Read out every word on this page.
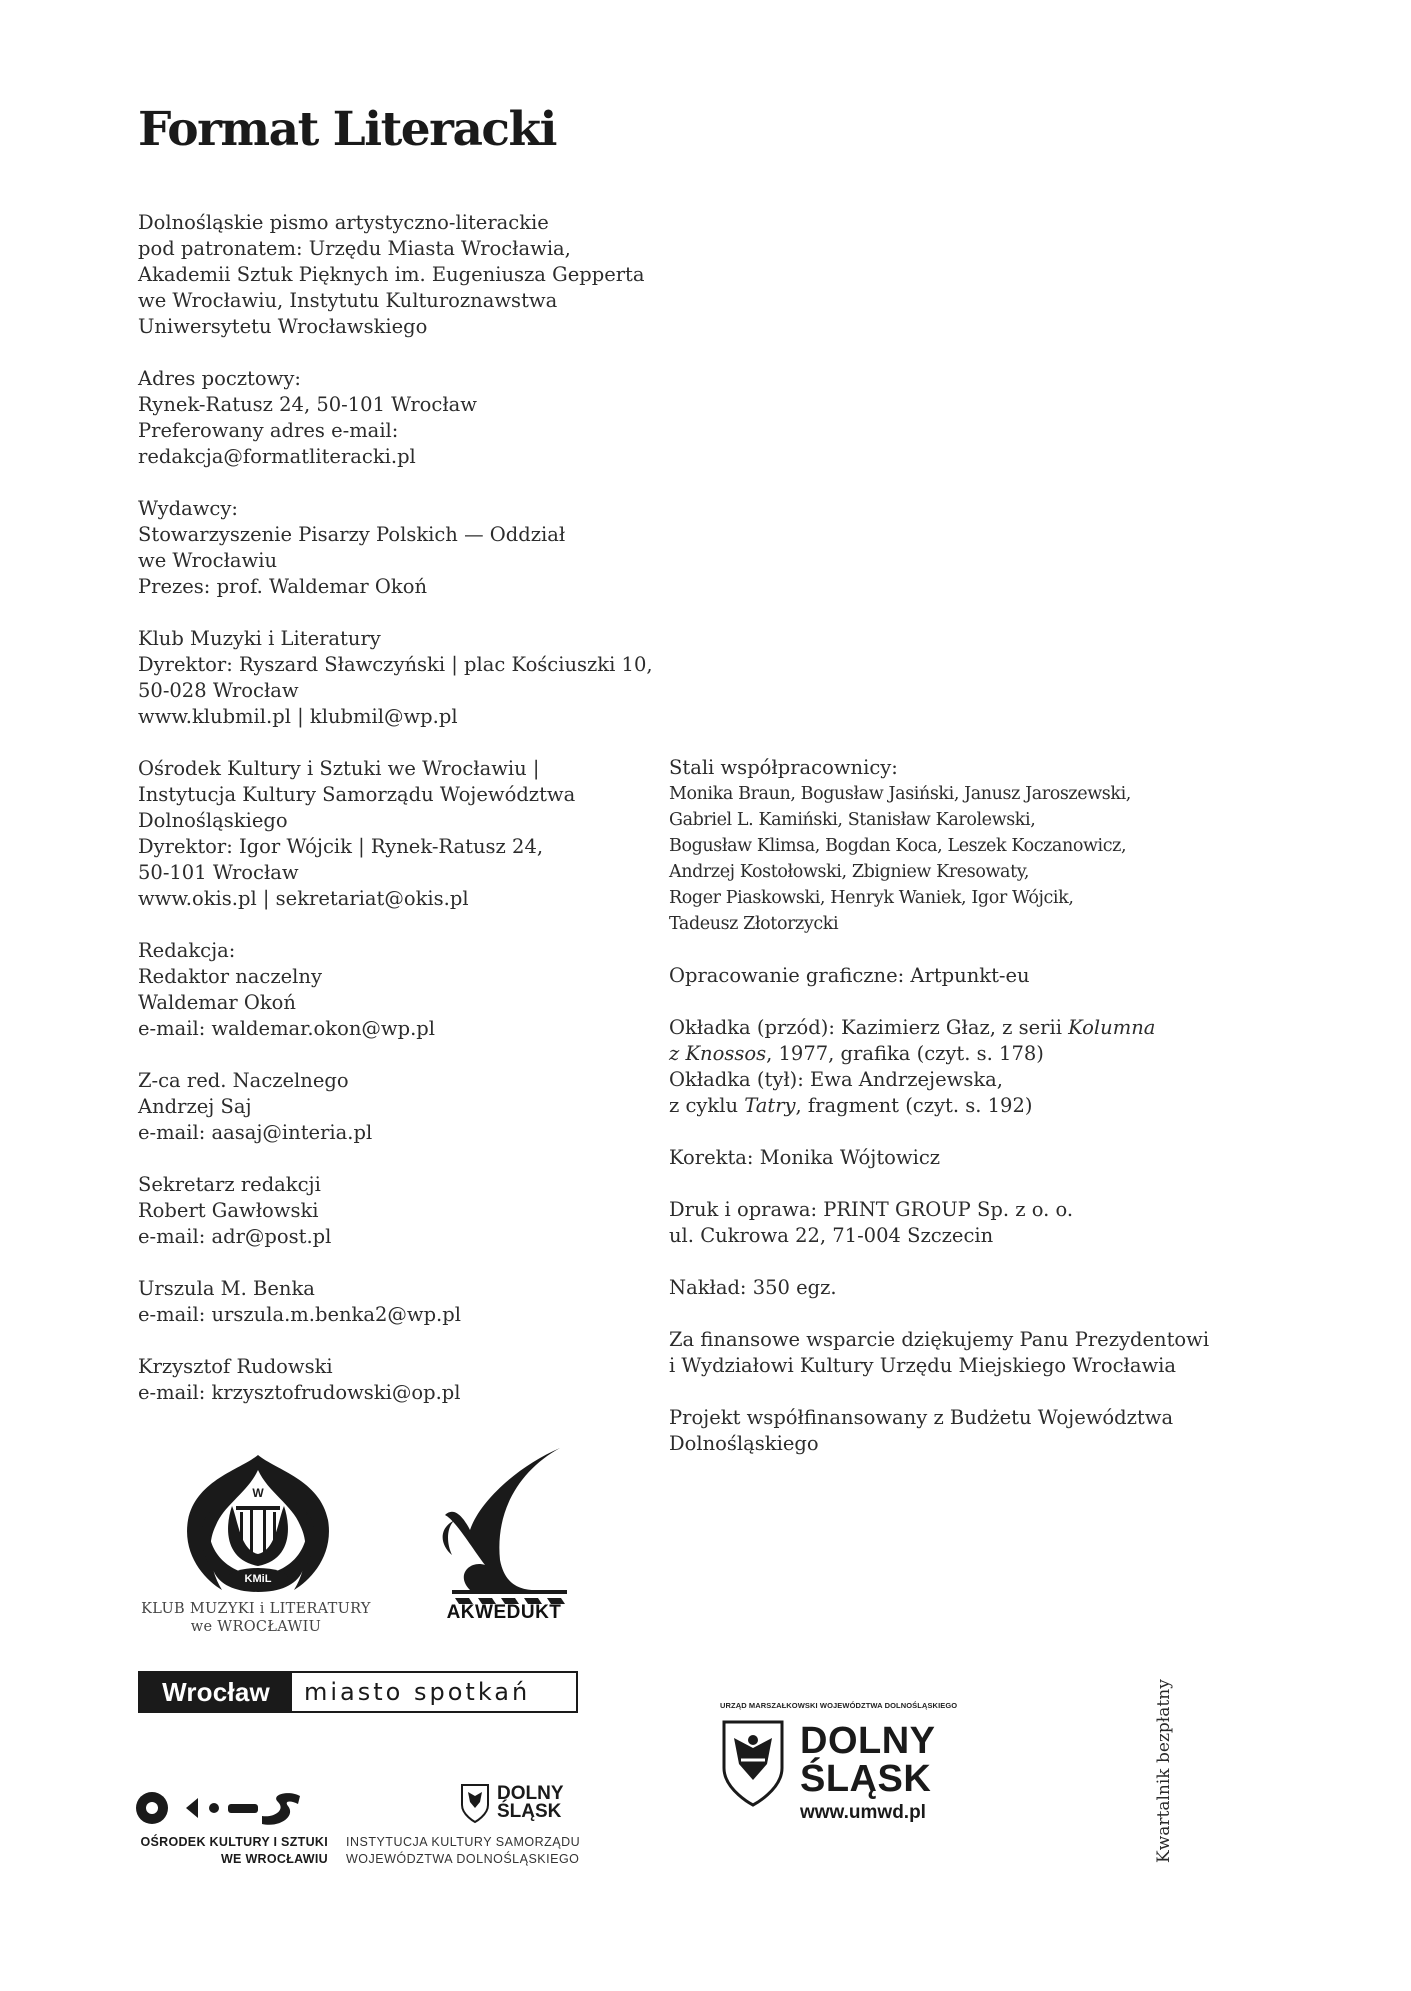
Format Literacki
Dolnośląskie pismo artystyczno-literackie
pod patronatem: Urzędu Miasta Wrocławia,
Akademii Sztuk Pięknych im. Eugeniusza Gepperta
we Wrocławiu, Instytutu Kulturoznawstwa
Uniwersytetu Wrocławskiego
Adres pocztowy:
Rynek-Ratusz 24, 50-101 Wrocław
Preferowany adres e-mail:
redakcja@formatliteracki.pl
Wydawcy:
Stowarzyszenie Pisarzy Polskich — Oddział
we Wrocławiu
Prezes: prof. Waldemar Okoń
Klub Muzyki i Literatury
Dyrektor: Ryszard Sławczyński | plac Kościuszki 10,
50-028 Wrocław
www.klubmil.pl | klubmil@wp.pl
Ośrodek Kultury i Sztuki we Wrocławiu |
Instytucja Kultury Samorządu Województwa
Dolnośląskiego
Dyrektor: Igor Wójcik | Rynek-Ratusz 24,
50-101 Wrocław
www.okis.pl | sekretariat@okis.pl
Redakcja:
Redaktor naczelny
Waldemar Okoń
e-mail: waldemar.okon@wp.pl
Z-ca red. Naczelnego
Andrzej Saj
e-mail: aasaj@interia.pl
Sekretarz redakcji
Robert Gawłowski
e-mail: adr@post.pl
Urszula M. Benka
e-mail: urszula.m.benka2@wp.pl
Krzysztof Rudowski
e-mail: krzysztofrudowski@op.pl
Stali współpracownicy:
Monika Braun, Bogusław Jasiński, Janusz Jaroszewski,
Gabriel L. Kamiński, Stanisław Karolewski,
Bogusław Klimsa, Bogdan Koca, Leszek Koczanowicz,
Andrzej Kostołowski, Zbigniew Kresowaty,
Roger Piaskowski, Henryk Waniek, Igor Wójcik,
Tadeusz Złotorzycki
Opracowanie graficzne: Artpunkt-eu
Okładka (przód): Kazimierz Głaz, z serii Kolumna
z Knossos, 1977, grafika (czyt. s. 178)
Okładka (tył): Ewa Andrzejewska,
z cyklu Tatry, fragment (czyt. s. 192)
Korekta: Monika Wójtowicz
Druk i oprawa: PRINT GROUP Sp. z o. o.
ul. Cukrowa 22, 71-004 Szczecin
Nakład: 350 egz.
Za finansowe wsparcie dziękujemy Panu Prezydentowi
i Wydziałowi Kultury Urzędu Miejskiego Wrocławia
Projekt współfinansowany z Budżetu Województwa
Dolnośląskiego
KMiL
W
KLUB MUZYKI i LITERATURY
we WROCŁAWIU
AKWEDUKT
Wrocław	miasto spotkań
OŚRODEK KULTURY I SZTUKI
WE WROCŁAWIU
DOLNY
ŚLĄSK
INSTYTUCJA KULTURY SAMORZĄDU
WOJEWÓDZTWA DOLNOŚLĄSKIEGO
URZĄD MARSZAŁKOWSKI WOJEWÓDZTWA DOLNOŚLĄSKIEGO
DOLNY
ŚLĄSK
www.umwd.pl	Kwartalnik bezpłatny
